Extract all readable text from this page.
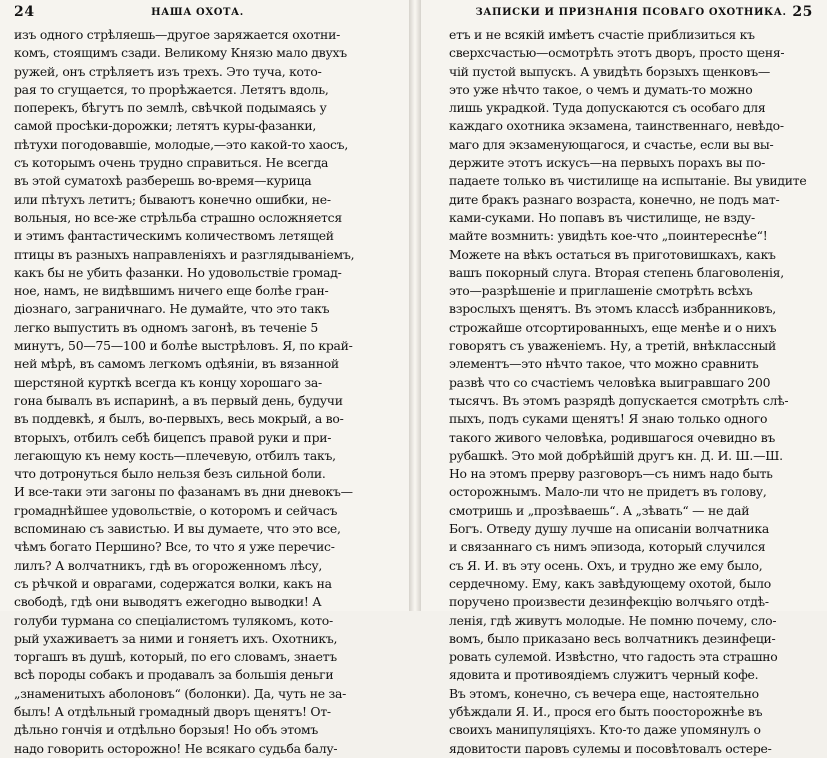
24	НАША ОХОТА.
изъ одного стрѣляешь—другое заряжается охотни-
комъ, стоящимъ сзади. Великому Князю мало двухъ
ружей, онъ стрѣляетъ изъ трехъ. Это туча, кото-
рая то сгущается, то прорѣжается. Летятъ вдоль,
поперекъ, бѣгутъ по землѣ, свѣчкой подымаясь у
самой просѣки-дорожки; летятъ куры-фазанки,
пѣтухи погодовавшіе, молодые,—это какой-то хаосъ,
съ которымъ очень трудно справиться. Не всегда
въ этой суматохѣ разберешь во-время—курица
или пѣтухъ летитъ; бываютъ конечно ошибки, не-
вольныя, но все-же стрѣльба страшно осложняется
и этимъ фантастическимъ количествомъ летящей
птицы въ разныхъ направленіяхъ и разглядываніемъ,
какъ бы не убить фазанки. Но удовольствіе громад-
ное, намъ, не видѣвшимъ ничего еще болѣе гран-
діознаго, заграничнаго. Не думайте, что это такъ
легко выпустить въ одномъ загонѣ, въ теченіе 5
минутъ, 50—75—100 и болѣе выстрѣловъ. Я, по край-
ней мѣрѣ, въ самомъ легкомъ одѣяніи, въ вязанной
шерстяной курткѣ всегда къ концу хорошаго за-
гона бывалъ въ испаринѣ, а въ первый день, будучи
въ поддевкѣ, я былъ, во-первыхъ, весь мокрый, а во-
вторыхъ, отбилъ себѣ бицепсъ правой руки и при-
легающую къ нему кость—плечевую, отбилъ такъ,
что дотронуться было нельзя безъ сильной боли.
И все-таки эти загоны по фазанамъ въ дни дневокъ—
громаднѣйшее удовольствіе, о которомъ и сейчасъ
вспоминаю съ завистью. И вы думаете, что это все,
чѣмъ богато Першино? Все, то что я уже перечис-
лилъ? А волчатникъ, гдѣ въ огороженномъ лѣсу,
съ рѣчкой и оврагами, содержатся волки, какъ на
свободѣ, гдѣ они выводятъ ежегодно выводки! А
голуби турмана со спеціалистомъ тулякомъ, кото-
рый ухаживаетъ за ними и гоняетъ ихъ. Охотникъ,
торгашъ въ душѣ, который, по его словамъ, знаетъ
всѣ породы собакъ и продавалъ за большія деньги
„знаменитыхъ аболоновъ“ (болонки). Да, чуть не за-
былъ! А отдѣльный громадный дворъ щенятъ! От-
дѣльно гончія и отдѣльно борзыя! Но объ этомъ
надо говорить осторожно! Не всякаго судьба балу-
ЗАПИСКИ И ПРИЗНАНІЯ ПСОВАГО ОХОТНИКА. 25
етъ и не всякій имѣетъ счастіе приблизиться къ
сверхсчастью—осмотрѣть этотъ дворъ, просто щеня-
чій пустой выпускъ. А увидѣть борзыхъ щенковъ—
это уже нѣчто такое, о чемъ и думать-то можно
лишь украдкой. Туда допускаются съ особаго для
каждаго охотника экзамена, таинственнаго, невѣдо-
маго для экзаменующагося, и счастье, если вы вы-
держите этотъ искусъ—на первыхъ порахъ вы по-
падаете только въ чистилище на испытаніе. Вы увидите
дите бракъ разнаго возраста, конечно, не подъ мат-
ками-суками. Но попавъ въ чистилище, не взду-
майте возмнить: увидѣть кое-что „поинтереснѣе“!
Можете на вѣкъ остаться въ приготовишкахъ, какъ
вашъ покорный слуга. Вторая степень благоволенія,
это—разрѣшеніе и приглашеніе смотрѣть всѣхъ
взрослыхъ щенятъ. Въ этомъ классѣ избранниковъ,
строжайше отсортированныхъ, еще менѣе и о нихъ
говорятъ съ уваженіемъ. Ну, а третій, внѣклассный
элементъ—это нѣчто такое, что можно сравнить
развѣ что со счастіемъ человѣка выигравшаго 200
тысячъ. Въ этомъ разрядѣ допускается смотрѣть слѣ-
пыхъ, подъ суками щенятъ! Я знаю только одного
такого живого человѣка, родившагося очевидно въ
рубашкѣ. Это мой добрѣйшій другъ кн. Д. И. Ш.—Ш.
Но на этомъ прерву разговоръ—съ нимъ надо быть
осторожнымъ. Мало-ли что не придетъ въ голову,
смотришь и „прозѣваешь“. А „зѣвать“ — не дай
Богъ. Отведу душу лучше на описаніи волчатника
и связаннаго съ нимъ эпизода, который случился
съ Я. И. въ эту осень. Охъ, и трудно же ему было,
сердечному. Ему, какъ завѣдующему охотой, было
поручено произвести дезинфекцію волчьяго отдѣ-
ленія, гдѣ живутъ молодые. Не помню почему, сло-
вомъ, было приказано весь волчатникъ дезинфеци-
ровать сулемой. Извѣстно, что гадость эта страшно
ядовита и противоядіемъ служитъ черный кофе.
Въ этомъ, конечно, съ вечера еще, настоятельно
убѣждали Я. И., прося его быть поосторожнѣе въ
своихъ манипуляціяхъ. Кто-то даже упомянулъ о
ядовитости паровъ сулемы и посовѣтовалъ остере-
